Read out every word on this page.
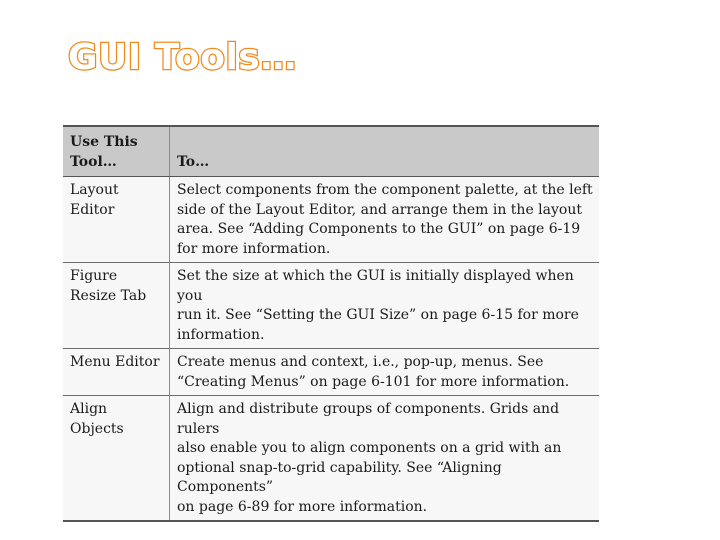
GUI Tools…
Use This
Tool…	To…

Layout
Editor	Select components from the component palette, at the left
side of the Layout Editor, and arrange them in the layout
area. See “Adding Components to the GUI” on page 6-19
for more information.

Figure
Resize Tab	Set the size at which the GUI is initially displayed when you
run it. See “Setting the GUI Size” on page 6-15 for more
information.

Menu Editor	Create menus and context, i.e., pop-up, menus. See
“Creating Menus” on page 6-101 for more information.

Align
Objects	Align and distribute groups of components. Grids and rulers
also enable you to align components on a grid with an
optional snap-to-grid capability. See “Aligning Components”
on page 6-89 for more information.
